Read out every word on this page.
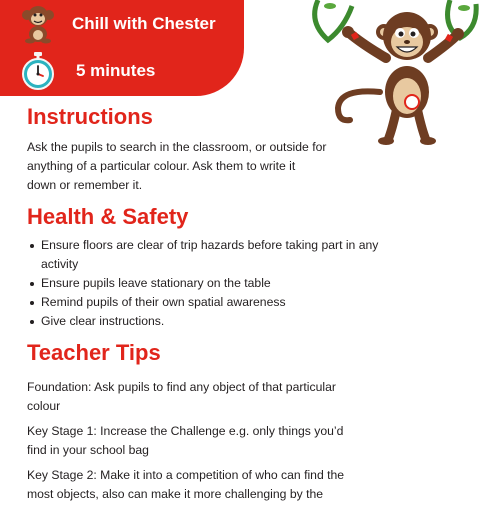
Chill with Chester
5 minutes
Instructions

Ask the pupils to search in the classroom, or outside for

anything of a particular colour. Ask them to write it

down or remember it.

Health & Safety
Ensure floors are clear of trip hazards before taking part in any
activity
Ensure pupils leave stationary on the table
Remind pupils of their own spatial awareness
Give clear instructions.
Teacher Tips

Foundation: Ask pupils to find any object of that particular
colour

Key Stage 1: Increase the Challenge e.g. only things you’d
find in your school bag

Key Stage 2: Make it into a competition of who can find the
most objects, also can make it more challenging by the
